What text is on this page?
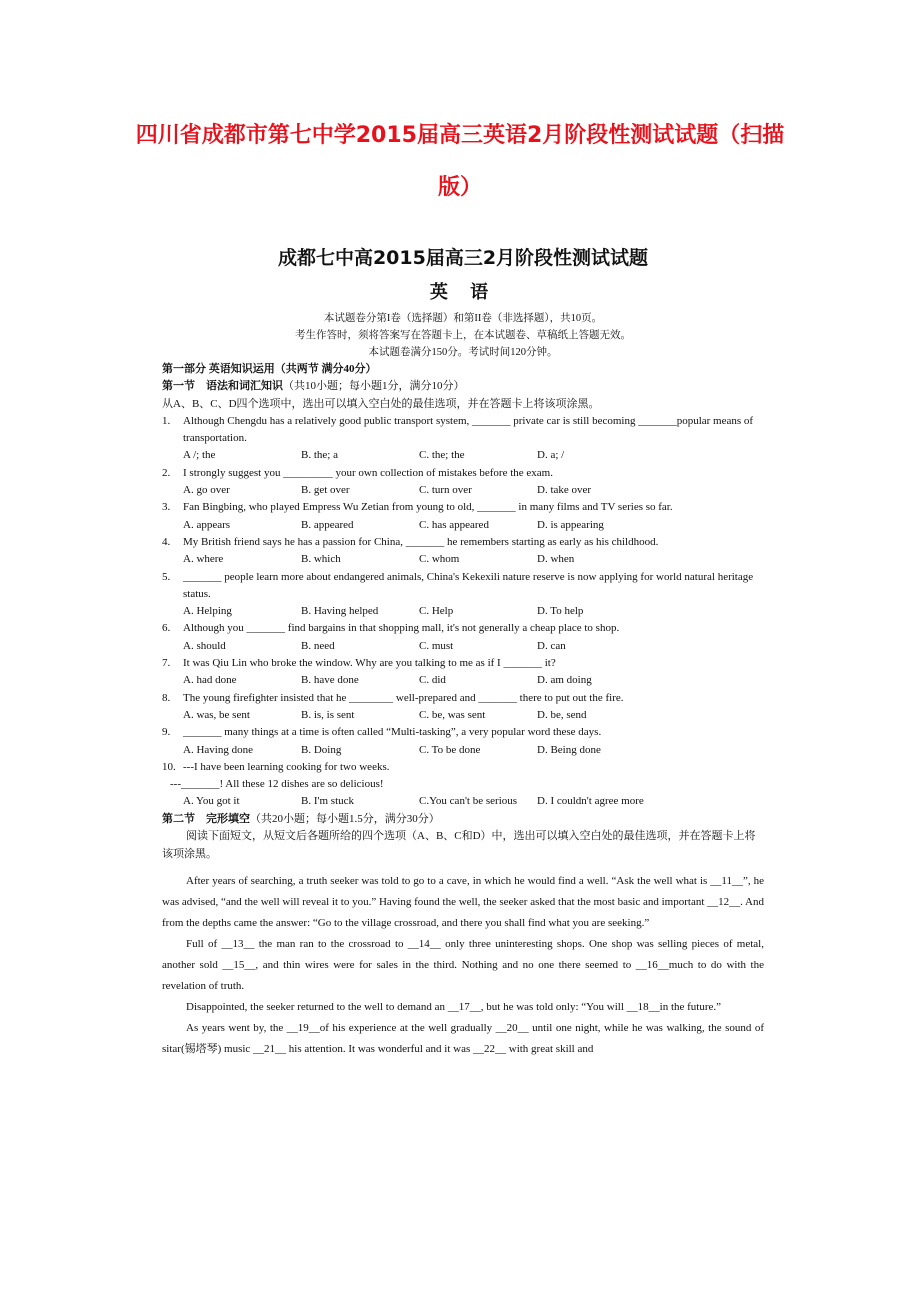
四川省成都市第七中学2015届高三英语2月阶段性测试试题（扫描
版）
成都七中高2015届高三2月阶段性测试试题
英 语
本试题卷分第I卷（选择题）和第II卷（非选择题），共10页。
考生作答时，须将答案写在答题卡上，在本试题卷、草稿纸上答题无效。
本试题卷满分150分。考试时间120分钟。
第一部分 英语知识运用（共两节 满分40分）
第一节　语法和词汇知识（共10小题；每小题1分，满分10分）
从A、B、C、D四个选项中，选出可以填入空白处的最佳选项，并在答题卡上将该项涂黑。
1.	Although Chengdu has a relatively good public transport system, _______ private car is still becoming _______popular means of transportation.
A /; the	B. the; a	C. the; the	D. a; /
2.	I strongly suggest you _________ your own collection of mistakes before the exam.
A. go over	B. get over	C. turn over	D. take over
3.	Fan Bingbing, who played Empress Wu Zetian from young to old, _______ in many films and TV series so far.
A. appears	B. appeared	C. has appeared	D. is appearing
4.	My British friend says he has a passion for China, _______ he remembers starting as early as his childhood.
A. where	B. which	C. whom	D. when
5.	_______ people learn more about endangered animals, China's Kekexili nature reserve is now applying for world natural heritage status.
A. Helping	B. Having helped	C. Help	D. To help
6.	Although you _______ find bargains in that shopping mall, it's not generally a cheap place to shop.
A. should	B. need	C. must	D. can
7.	It was Qiu Lin who broke the window. Why are you talking to me as if I _______ it?
A. had done	B. have done	C. did	D. am doing
8.	The young firefighter insisted that he ________ well-prepared and _______ there to put out the fire.
A. was, be sent	B. is, is sent	C. be, was sent	D. be, send
9.	_______ many things at a time is often called “Multi-tasking”, a very popular word these days.
A. Having done	B. Doing	C. To be done	D. Being done
10. ---I have been learning cooking for two weeks.
---_______! All these 12 dishes are so delicious!
A. You got it	B. I'm stuck	C.You can't be serious	D. I couldn't agree more
第二节　完形填空（共20小题；每小题1.5分，满分30分）
阅读下面短文，从短文后各题所给的四个选项（A、B、C和D）中，选出可以填入空白处的最佳选项，并在答题卡上将该项涂黑。
After years of searching, a truth seeker was told to go to a cave, in which he would find a well. “Ask the well what is __11__”, he was advised, “and the well will reveal it to you.” Having found the well, the seeker asked that the most basic and important __12__. And from the depths came the answer: “Go to the village crossroad, and there you shall find what you are seeking.”
Full of __13__ the man ran to the crossroad to __14__ only three uninteresting shops. One shop was selling pieces of metal, another sold __15__, and thin wires were for sales in the third. Nothing and no one there seemed to __16__much to do with the revelation of truth.
Disappointed, the seeker returned to the well to demand an __17__, but he was told only: “You will __18__in the future.”
As years went by, the __19__of his experience at the well gradually __20__ until one night, while he was walking, the sound of sitar(锡塔琴) music __21__ his attention. It was wonderful and it was __22__ with great skill and
